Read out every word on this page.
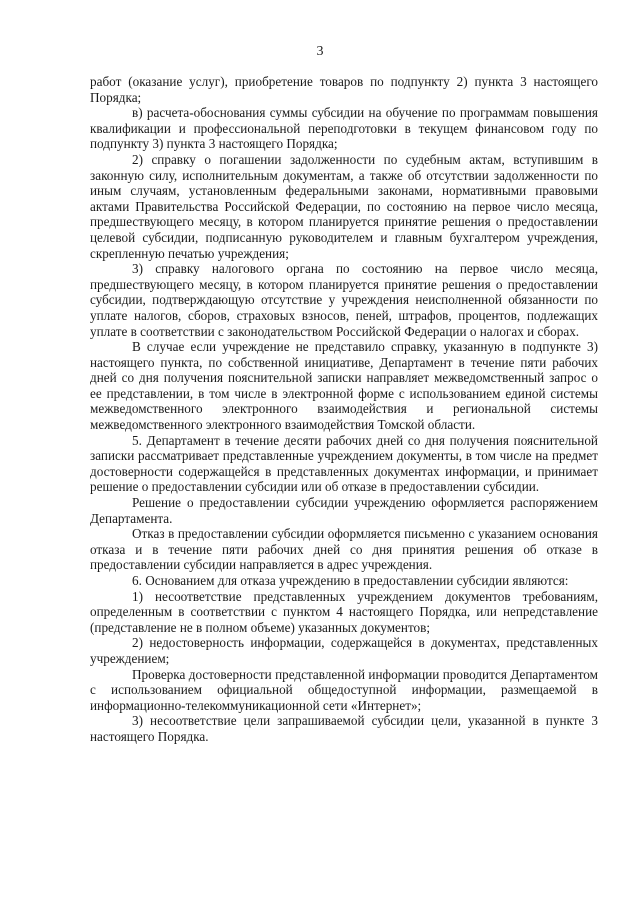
3

работ (оказание услуг), приобретение товаров по подпункту 2) пункта 3 настоящего Порядка;

в) расчета-обоснования суммы субсидии на обучение по программам повышения квалификации и профессиональной переподготовки в текущем финансовом году по подпункту 3) пункта 3 настоящего Порядка;

2) справку о погашении задолженности по судебным актам, вступившим в законную силу, исполнительным документам, а также об отсутствии задолженности по иным случаям, установленным федеральными законами, нормативными правовыми актами Правительства Российской Федерации, по состоянию на первое число месяца, предшествующего месяцу, в котором планируется принятие решения о предоставлении целевой субсидии, подписанную руководителем и главным бухгалтером учреждения, скрепленную печатью учреждения;

3) справку налогового органа по состоянию на первое число месяца, предшествующего месяцу, в котором планируется принятие решения о предоставлении субсидии, подтверждающую отсутствие у учреждения неисполненной обязанности по уплате налогов, сборов, страховых взносов, пеней, штрафов, процентов, подлежащих уплате в соответствии с законодательством Российской Федерации о налогах и сборах.

В случае если учреждение не представило справку, указанную в подпункте 3) настоящего пункта, по собственной инициативе, Департамент в течение пяти рабочих дней со дня получения пояснительной записки направляет межведомственный запрос о ее представлении, в том числе в электронной форме с использованием единой системы межведомственного электронного взаимодействия и региональной системы межведомственного электронного взаимодействия Томской области.

5. Департамент в течение десяти рабочих дней со дня получения пояснительной записки рассматривает представленные учреждением документы, в том числе на предмет достоверности содержащейся в представленных документах информации, и принимает решение о предоставлении субсидии или об отказе в предоставлении субсидии.

Решение о предоставлении субсидии учреждению оформляется распоряжением Департамента.

Отказ в предоставлении субсидии оформляется письменно с указанием основания отказа и в течение пяти рабочих дней со дня принятия решения об отказе в предоставлении субсидии направляется в адрес учреждения.

6. Основанием для отказа учреждению в предоставлении субсидии являются:

1) несоответствие представленных учреждением документов требованиям, определенным в соответствии с пунктом 4 настоящего Порядка, или непредставление (представление не в полном объеме) указанных документов;

2) недостоверность информации, содержащейся в документах, представленных учреждением;

Проверка достоверности представленной информации проводится Департаментом с использованием официальной общедоступной информации, размещаемой в информационно-телекоммуникационной сети «Интернет»;

3) несоответствие цели запрашиваемой субсидии цели, указанной в пункте 3 настоящего Порядка.
